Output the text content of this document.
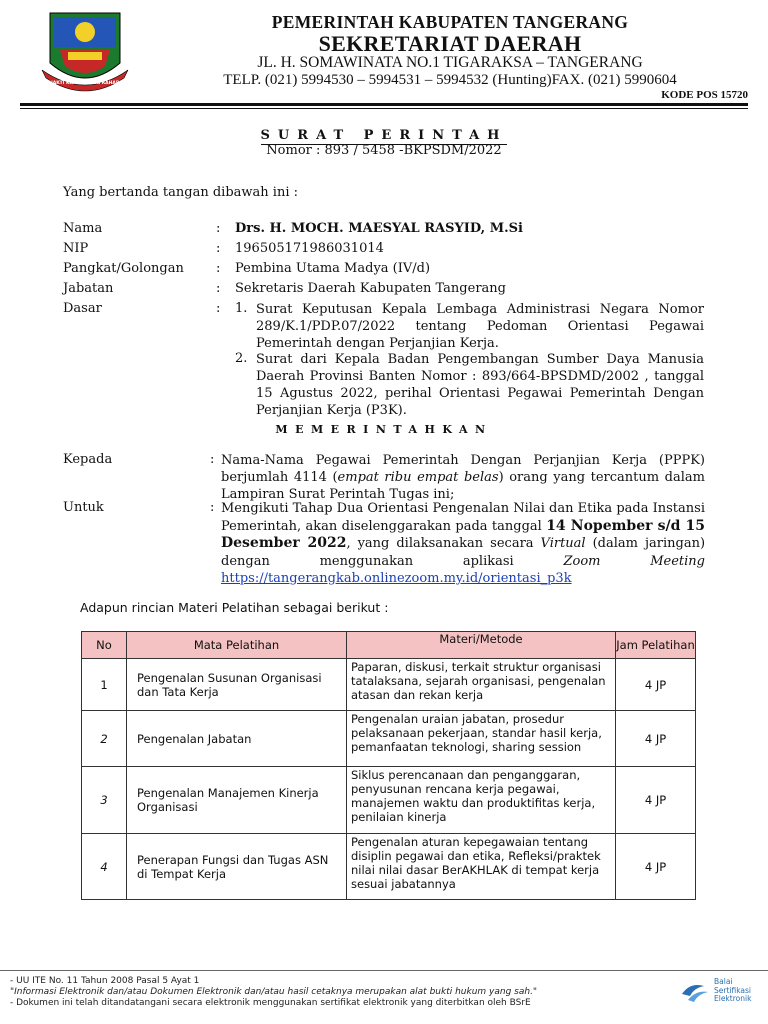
BHAKTI KARYA KERTA RAHARJA
PEMERINTAH KABUPATEN TANGERANG
SEKRETARIAT DAERAH
JL. H. SOMAWINATA NO.1 TIGARAKSA – TANGERANG
TELP. (021) 5994530 – 5994531 – 5994532 (Hunting)FAX. (021) 5990604
KODE POS 15720
SURAT PERINTAH
Nomor : 893 / 5458 -BKPSDM/2022
Yang bertanda tangan dibawah ini :
Nama	: Drs. H. MOCH. MAESYAL RASYID, M.Si
NIP	: 196505171986031014
Pangkat/Golongan : Pembina Utama Madya (IV/d)
Jabatan	: Sekretaris Daerah Kabupaten Tangerang
Dasar	: 1. Surat Keputusan Kepala Lembaga Administrasi Negara Nomor 289/K.1/PDP.07/2022 tentang Pedoman Orientasi Pegawai Pemerintah dengan Perjanjian Kerja.
2. Surat dari Kepala Badan Pengembangan Sumber Daya Manusia Daerah Provinsi Banten Nomor : 893/664-BPSDMD/2002 , tanggal 15 Agustus 2022, perihal Orientasi Pegawai Pemerintah Dengan Perjanjian Kerja (P3K).
MEMERINTAHKAN
Kepada	: Nama-Nama Pegawai Pemerintah Dengan Perjanjian Kerja (PPPK) berjumlah 4114 (empat ribu empat belas) orang yang tercantum dalam Lampiran Surat Perintah Tugas ini;
Untuk	: Mengikuti Tahap Dua Orientasi Pengenalan Nilai dan Etika pada Instansi Pemerintah, akan diselenggarakan pada tanggal 14 Nopember s/d 15 Desember 2022, yang dilaksanakan secara Virtual (dalam jaringan) dengan menggunakan aplikasi Zoom Meeting https://tangerangkab.onlinezoom.my.id/orientasi_p3k
Adapun rincian Materi Pelatihan sebagai berikut :
No	Mata Pelatihan	Materi/Metode	Jam Pelatihan
1	Pengenalan Susunan Organisasi dan Tata Kerja	Paparan, diskusi, terkait struktur organisasi tatalaksana, sejarah organisasi, pengenalan atasan dan rekan kerja	4 JP
2	Pengenalan Jabatan	Pengenalan uraian jabatan, prosedur pelaksanaan pekerjaan, standar hasil kerja, pemanfaatan teknologi, sharing session	4 JP
3	Pengenalan Manajemen Kinerja Organisasi	Siklus perencanaan dan penganggaran, penyusunan rencana kerja pegawai, manajemen waktu dan produktifitas kerja, penilaian kinerja	4 JP
4	Penerapan Fungsi dan Tugas ASN di Tempat Kerja	Pengenalan aturan kepegawaian tentang disiplin pegawai dan etika, Refleksi/praktek nilai nilai dasar BerAKHLAK di tempat kerja sesuai jabatannya	4 JP
- UU ITE No. 11 Tahun 2008 Pasal 5 Ayat 1
"Informasi Elektronik dan/atau Dokumen Elektronik dan/atau hasil cetaknya merupakan alat bukti hukum yang sah."
- Dokumen ini telah ditandatangani secara elektronik menggunakan sertifikat elektronik yang diterbitkan oleh BSrE
Balai
Sertifikasi
Elektronik
